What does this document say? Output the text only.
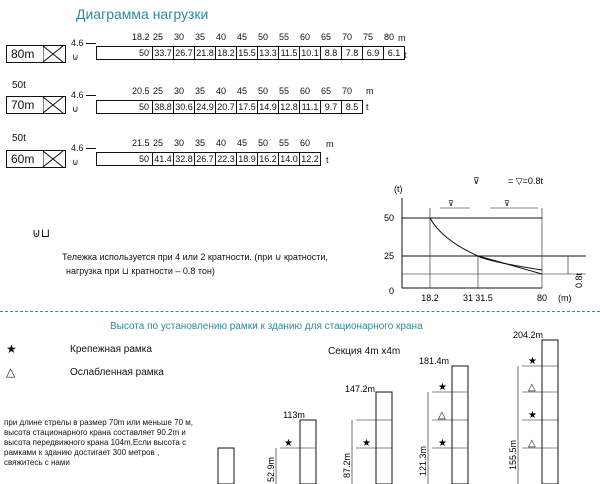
Диаграмма нагрузки
80m
4.6
⊍
18.2 25 30 35 40 45 50 55 60 65 70 75 80
50 33.7 26.7 21.8 18.2 15.5 13.3 11.5 10.1 8.8 7.8 6.9 6.1
50t
70m
4.6
⊍
20.5 25 30 35 40 45 50 55 60 65 70
50 38.8 30.6 24.9 20.7 17.5 14.9 12.8 11.1 9.7 8.5
50t
60m
4.6
⊍
21.5 25 30 35 40 45 50 55 60
50 41.4 32.8 26.7 22.3 18.9 16.2 14.0 12.2
m
t
m
t
m
t
⊍⊔
Тележка используется при 4 или 2 кратности. (при ⊍ кратности,
нагрузка при ⊔ кратности – 0.8 тон)
(t)
= ▽=0.8t
⊽
⊽	⊽
50
25
0
18.2	31 31.5	80 (m)
0.8t
Высота по установлению рамки к зданию для стационарного крана
★	Крепежная рамка
△	Ослабленная рамка
Секция 4m x4m
при длине стрелы в размер 70m или меньше 70 м,
высота стационарного крана составляет 90.2m и
высота передвижного крана 104m.Если высота с
рамками к зданию достигает 300 метров ,
свяжитесь с нами
★
113m
52.9m
★
147.2m
87.2m
★
△
★
181.4m
121.3m
★
△
★
△
204.2m
155.5m
